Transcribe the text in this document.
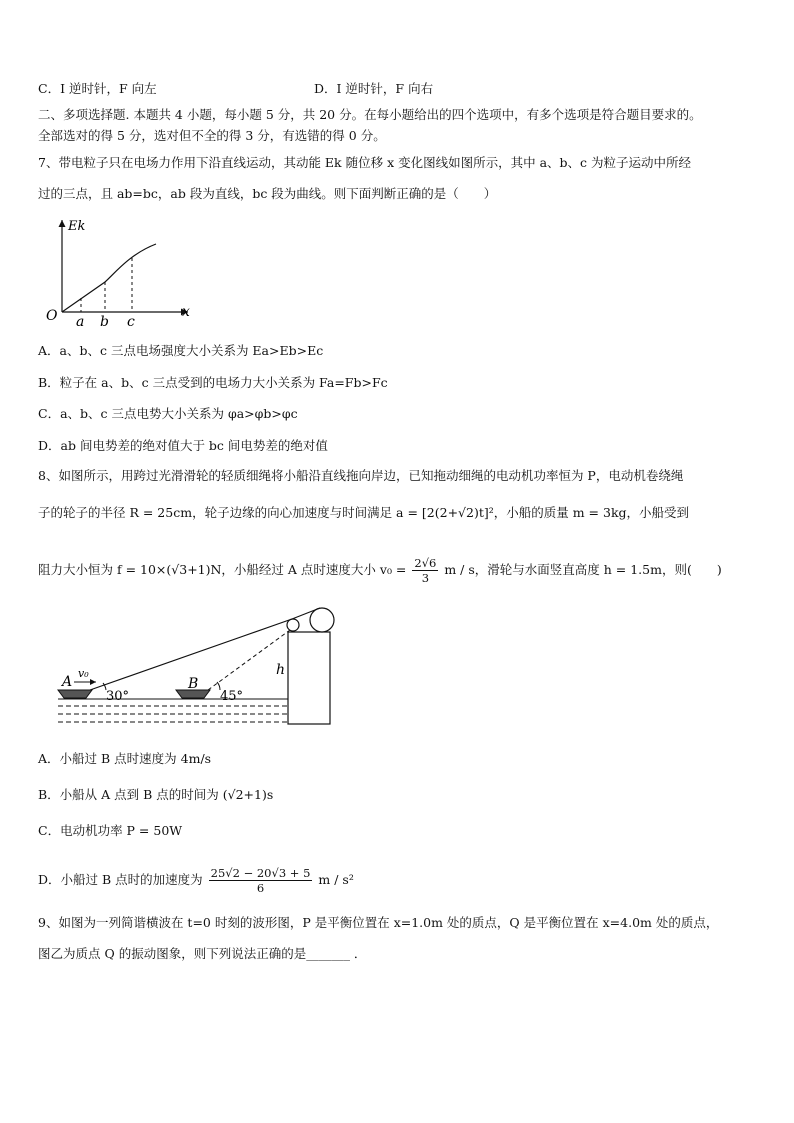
C．I 逆时针，F 向左	D．I 逆时针，F 向右
二、多项选择题. 本题共 4 小题，每小题 5 分，共 20 分。在每小题给出的四个选项中，有多个选项是符合题目要求的。
全部选对的得 5 分，选对但不全的得 3 分，有选错的得 0 分。
7、带电粒子只在电场力作用下沿直线运动，其动能 Ek 随位移 x 变化图线如图所示，其中 a、b、c 为粒子运动中所经
过的三点，且 ab=bc，ab 段为直线，bc 段为曲线。则下面判断正确的是（　　）
Ek
x
O a b c
A．a、b、c 三点电场强度大小关系为 Ea>Eb>Ec
B．粒子在 a、b、c 三点受到的电场力大小关系为 Fa=Fb>Fc
C．a、b、c 三点电势大小关系为 φa>φb>φc
D．ab 间电势差的绝对值大于 bc 间电势差的绝对值
8、如图所示，用跨过光滑滑轮的轻质细绳将小船沿直线拖向岸边，已知拖动细绳的电动机功率恒为 P，电动机卷绕绳
子的轮子的半径 R = 25cm，轮子边缘的向心加速度与时间满足 a = [2(2+√2)t]²，小船的质量 m = 3kg，小船受到
阻力大小恒为 f = 10×(√3+1)N，小船经过 A 点时速度大小 $v_0 = \frac{2√6}{3}$ m / s，滑轮与水面竖直高度 h = 1.5m，则(　　)
A
v₀
30°
B
45°
h
A．小船过 B 点时速度为 4m/s
B．小船从 A 点到 B 点的时间为 (√2+1)s
C．电动机功率 P = 50W
D．小船过 B 点时的加速度为 $\frac{25√2 - 20√3 + 5}{6}$ m / s²
9、如图为一列简谐横波在 t=0 时刻的波形图，P 是平衡位置在 x=1.0m 处的质点，Q 是平衡位置在 x=4.0m 处的质点，
图乙为质点 Q 的振动图象，则下列说法正确的是_______ ．
